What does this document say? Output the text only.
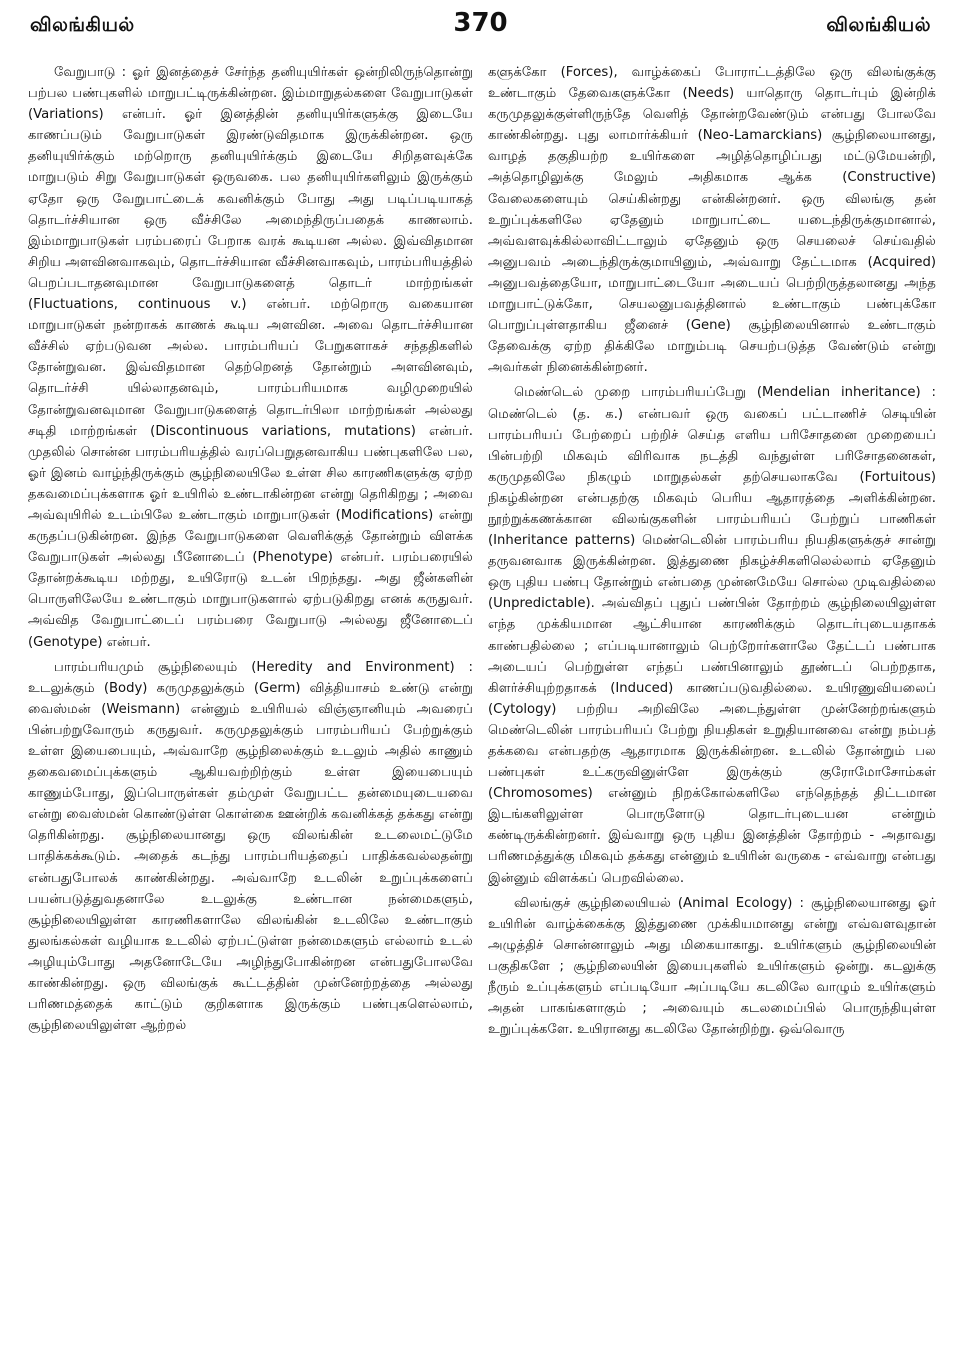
விலங்கியல்	370	விலங்கியல்

வேறுபாடு : ஓர் இனத்தைச் சேர்ந்த தனியுயிர்கள் ஒன்றிலிருந்தொன்று பற்பல பண்புகளில் மாறுபட்டிருக்கின்றன. இம்மாறுதல்களை வேறுபாடுகள் (Variations) என்பர். ஓர் இனத்தின் தனியுயிர்களுக்கு இடையே காணப்படும் வேறுபாடுகள் இரண்டுவிதமாக இருக்கின்றன. ஒரு தனியுயிர்க்கும் மற்றொரு தனியுயிர்க்கும் இடையே சிறிதளவுக்கே மாறுபடும் சிறு வேறுபாடுகள் ஒருவகை. பல தனியுயிர்களிலும் இருக்கும் ஏதோ ஒரு வேறுபாட்டைக் கவனிக்கும் போது அது படிப்படியாகத் தொடர்ச்சியான ஒரு வீச்சிலே அமைந்திருப்பதைக் காணலாம். இம்மாறுபாடுகள் பரம்பரைப் பேறாக வரக் கூடியன அல்ல. இவ்விதமான சிறிய அளவினவாகவும், தொடர்ச்சியான வீச்சினவாகவும், பாரம்பரியத்தில் பெறப்படாதனவுமான வேறுபாடுகளைத் தொடர் மாற்றங்கள் (Fluctuations, continuous v.) என்பர். மற்றொரு வகையான மாறுபாடுகள் நன்றாகக் காணக் கூடிய அளவின. அவை தொடர்ச்சியான வீச்சில் ஏற்படுவன அல்ல. பாரம்பரியப் பேறுகளாகச் சந்ததிகளில் தோன்றுவன. இவ்விதமான தெற்றெனத் தோன்றும் அளவினவும், தொடர்ச்சி யில்லாதனவும், பாரம்பரியமாக வழிமுறையில் தோன்றுவனவுமான வேறுபாடுகளைத் தொடர்பிலா மாற்றங்கள் அல்லது சடிதி மாற்றங்கள் (Discontinuous variations, mutations) என்பர். முதலில் சொன்ன பாரம்பரியத்தில் வரப்பெறுதனவாகிய பண்புகளிலே பல, ஓர் இனம் வாழ்ந்திருக்கும் சூழ்நிலையிலே உள்ள சில காரணிகளுக்கு ஏற்ற தகவமைப்புக்களாக ஓர் உயிரில் உண்டாகின்றன என்று தெரிகிறது ; அவை அவ்வுயிரில் உடம்பிலே உண்டாகும் மாறுபாடுகள் (Modifications) என்று கருதப்படுகின்றன. இந்த வேறுபாடுகளை வெளிக்குத் தோன்றும் விளக்க வேறுபாடுகள் அல்லது பீனோடைப் (Phenotype) என்பர். பரம்பரையில் தோன்றக்கூடிய மற்றது, உயிரோடு உடன் பிறந்தது. அது ஜீன்களின் பொருளிலேயே உண்டாகும் மாறுபாடுகளால் ஏற்படுகிறது எனக் கருதுவர். அவ்வித வேறுபாட்டைப் பரம்பரை வேறுபாடு அல்லது ஜீனோடைப் (Genotype) என்பர்.

பாரம்பரியமும் சூழ்நிலையும் (Heredity and Environment) : உடலுக்கும் (Body) கருமுதலுக்கும் (Germ) வித்தியாசம் உண்டு என்று வைஸ்மன் (Weismann) என்னும் உயிரியல் விஞ்ஞானியும் அவரைப் பின்பற்றுவோரும் கருதுவர். கருமுதலுக்கும் பாரம்பரியப் பேற்றுக்கும் உள்ள இயைபையும், அவ்வாறே சூழ்நிலைக்கும் உடலும் அதில் காணும் தகைவமைப்புக்களும் ஆகியவற்றிற்கும் உள்ள இயைபையும் காணும்போது, இப்பொருள்கள் தம்முள் வேறுபட்ட தன்மையுடையவை என்று வைஸ்மன் கொண்டுள்ள கொள்கை ஊன்றிக் கவனிக்கத் தக்கது என்று தெரிகின்றது. சூழ்நிலையானது ஒரு விலங்கின் உடலைமட்டுமே பாதிக்கக்கூடும். அதைக் கடந்து பாரம்பரியத்தைப் பாதிக்கவல்லதன்று என்பதுபோலக் காண்கின்றது. அவ்வாறே உடலின் உறுப்புக்களைப் பயன்படுத்துவதனாலே உடலுக்கு உண்டான நன்மைகளும், சூழ்நிலையிலுள்ள காரணிகளாலே விலங்கின் உடலிலே உண்டாகும் துலங்கல்கள் வழியாக உடலில் ஏற்பட்டுள்ள நன்மைகளும் எல்லாம் உடல் அழியும்போது அதனோடேயே அழிந்துபோகின்றன என்பதுபோலவே காண்கின்றது. ஒரு விலங்குக் கூட்டத்தின் முன்னேற்றத்தை அல்லது பரிணமத்தைக் காட்டும் குறிகளாக இருக்கும் பண்புகளெல்லாம், சூழ்நிலையிலுள்ள ஆற்றல்

களுக்கோ (Forces), வாழ்க்கைப் போராட்டத்திலே ஒரு விலங்குக்கு உண்டாகும் தேவைகளுக்கோ (Needs) யாதொரு தொடர்பும் இன்றிக் கருமுதலுக்குள்ளிருந்தே வெளித் தோன்றவேண்டும் என்பது போலவே காண்கின்றது. புது லாமார்க்கியர் (Neo-Lamarckians) சூழ்நிலையானது, வாழத் தகுதியற்ற உயிர்களை அழித்தொழிப்பது மட்டுமேயன்றி, அத்தொழிலுக்கு மேலும் அதிகமாக ஆக்க (Constructive) வேலைகளையும் செய்கின்றது என்கின்றனர். ஒரு விலங்கு தன் உறுப்புக்களிலே ஏதேனும் மாறுபாட்டை யடைந்திருக்குமானால், அவ்வளவுக்கில்லாவிட்டாலும் ஏதேனும் ஒரு செயலைச் செய்வதில் அனுபவம் அடைந்திருக்குமாயினும், அவ்வாறு தேட்டமாக (Acquired) அனுபவத்தையோ, மாறுபாட்டையோ அடையப் பெற்றிருத்தலானது அந்த மாறுபாட்டுக்கோ, செயலனுபவத்தினால் உண்டாகும் பண்புக்கோ பொறுப்புள்ளதாகிய ஜீனைச் (Gene) சூழ்நிலையினால் உண்டாகும் தேவைக்கு ஏற்ற திக்கிலே மாறும்படி செயற்படுத்த வேண்டும் என்று அவர்கள் நினைக்கின்றனர்.

மெண்டெல் முறை பாரம்பரியப்பேறு (Mendelian inheritance) : மெண்டெல் (த. க.) என்பவர் ஒரு வகைப் பட்டாணிச் செடியின் பாரம்பரியப் பேற்றைப் பற்றிச் செய்த எளிய பரிசோதனை முறையைப் பின்பற்றி மிகவும் விரிவாக நடத்தி வந்துள்ள பரிசோதனைகள், கருமுதலிலே நிகழும் மாறுதல்கள் தற்செயலாகவே (Fortuitous) நிகழ்கின்றன என்பதற்கு மிகவும் பெரிய ஆதாரத்தை அளிக்கின்றன. நூற்றுக்கணக்கான விலங்குகளின் பாரம்பரியப் பேற்றுப் பாணிகள் (Inheritance patterns) மெண்டெலின் பாரம்பரிய நியதிகளுக்குச் சான்று தருவனவாக இருக்கின்றன. இத்துணை நிகழ்ச்சிகளிலெல்லாம் ஏதேனும் ஒரு புதிய பண்பு தோன்றும் என்பதை முன்னமேயே சொல்ல முடிவதில்லை (Unpredictable). அவ்விதப் புதுப் பண்பின் தோற்றம் சூழ்நிலையிலுள்ள எந்த முக்கியமான ஆட்சியான காரணிக்கும் தொடர்புடையதாகக் காண்பதில்லை ; எப்படியானாலும் பெற்றோர்களாலே தேட்டப் பண்பாக அடையப் பெற்றுள்ள எந்தப் பண்பினாலும் தூண்டப் பெற்றதாக, கிளர்ச்சியுற்றதாகக் (Induced) காணப்படுவதில்லை. உயிரணுவியலைப் (Cytology) பற்றிய அறிவிலே அடைந்துள்ள முன்னேற்றங்களும் மெண்டெலின் பாரம்பரியப் பேற்று நியதிகள் உறுதியானவை என்று நம்பத் தக்கவை என்பதற்கு ஆதாரமாக இருக்கின்றன. உடலில் தோன்றும் பல பண்புகள் உட்கருவினுள்ளே இருக்கும் குரோமோசோம்கள் (Chromosomes) என்னும் நிறக்கோல்களிலே எந்தெந்தத் திட்டமான இடங்களிலுள்ள பொருளோடு தொடர்புடையன என்றும் கண்டிருக்கின்றனர். இவ்வாறு ஒரு புதிய இனத்தின் தோற்றம் - அதாவது பரிணமத்துக்கு மிகவும் தக்கது என்னும் உயிரின் வருகை - எவ்வாறு என்பது இன்னும் விளக்கப் பெறவில்லை.

விலங்குச் சூழ்நிலையியல் (Animal Ecology) : சூழ்நிலையானது ஓர் உயிரின் வாழ்க்கைக்கு இத்துணை முக்கியமானது என்று எவ்வளவுதான் அழுத்திச் சொன்னாலும் அது மிகையாகாது. உயிர்களும் சூழ்நிலையின் பகுதிகளே ; சூழ்நிலையின் இயைபுகளில் உயிர்களும் ஒன்று. கடலுக்கு நீரும் உப்புக்களும் எப்படியோ அப்படியே கடலிலே வாழும் உயிர்களும் அதன் பாகங்களாகும் ; அவையும் கடலமைப்பில் பொருந்தியுள்ள உறுப்புக்களே. உயிரானது கடலிலே தோன்றிற்று. ஒவ்வொரு
